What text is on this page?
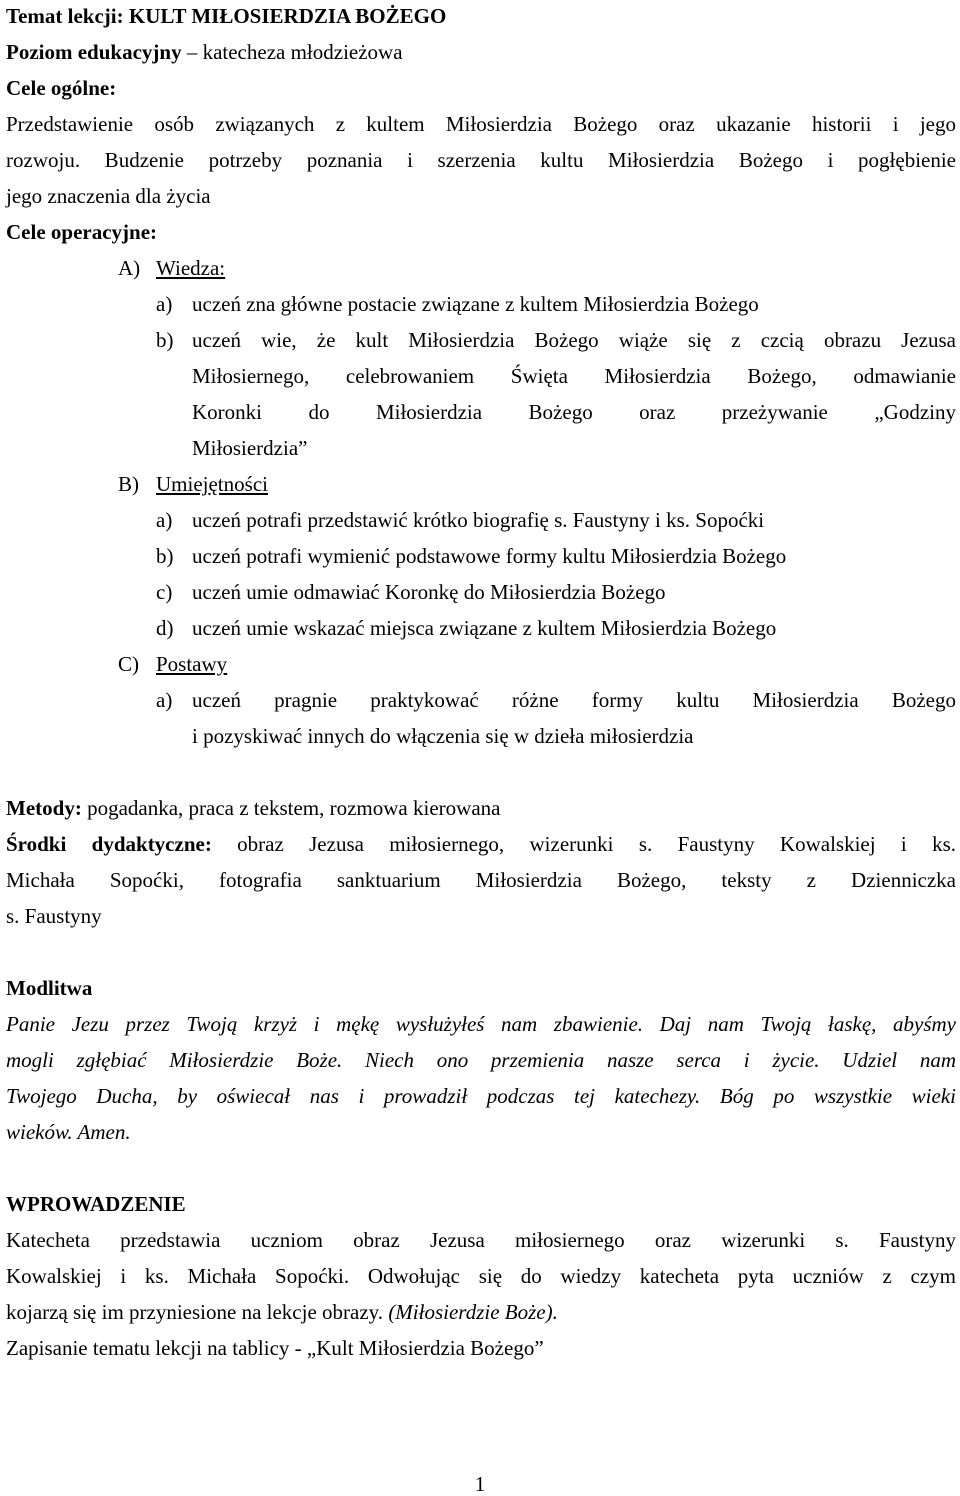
Temat lekcji: KULT MIŁOSIERDZIA BOŻEGO
Poziom edukacyjny – katecheza młodzieżowa
Cele ogólne:
Przedstawienie osób związanych z kultem Miłosierdzia Bożego oraz ukazanie historii i jego
rozwoju. Budzenie potrzeby poznania i szerzenia kultu Miłosierdzia Bożego i pogłębienie
jego znaczenia dla życia
Cele operacyjne:
A) Wiedza:
a) uczeń zna główne postacie związane z kultem Miłosierdzia Bożego
b) uczeń wie, że kult Miłosierdzia Bożego wiąże się z czcią obrazu Jezusa
Miłosiernego, celebrowaniem Święta Miłosierdzia Bożego, odmawianie
Koronki do Miłosierdzia Bożego oraz przeżywanie „Godziny
Miłosierdzia”
B) Umiejętności
a) uczeń potrafi przedstawić krótko biografię s. Faustyny i ks. Sopoćki
b) uczeń potrafi wymienić podstawowe formy kultu Miłosierdzia Bożego
c) uczeń umie odmawiać Koronkę do Miłosierdzia Bożego
d) uczeń umie wskazać miejsca związane z kultem Miłosierdzia Bożego
C) Postawy
a) uczeń pragnie praktykować różne formy kultu Miłosierdzia Bożego
i pozyskiwać innych do włączenia się w dzieła miłosierdzia
Metody: pogadanka, praca z tekstem, rozmowa kierowana
Środki dydaktyczne: obraz Jezusa miłosiernego, wizerunki s. Faustyny Kowalskiej i ks.
Michała Sopoćki, fotografia sanktuarium Miłosierdzia Bożego, teksty z Dzienniczka
s. Faustyny
Modlitwa
Panie Jezu przez Twoją krzyż i mękę wysłużyłeś nam zbawienie. Daj nam Twoją łaskę, abyśmy
mogli zgłębiać Miłosierdzie Boże. Niech ono przemienia nasze serca i życie. Udziel nam
Twojego Ducha, by oświecał nas i prowadził podczas tej katechezy. Bóg po wszystkie wieki
wieków. Amen.
WPROWADZENIE
Katecheta przedstawia uczniom obraz Jezusa miłosiernego oraz wizerunki s. Faustyny
Kowalskiej i ks. Michała Sopoćki. Odwołując się do wiedzy katecheta pyta uczniów z czym
kojarzą się im przyniesione na lekcje obrazy. (Miłosierdzie Boże).
Zapisanie tematu lekcji na tablicy - „Kult Miłosierdzia Bożego”
1
